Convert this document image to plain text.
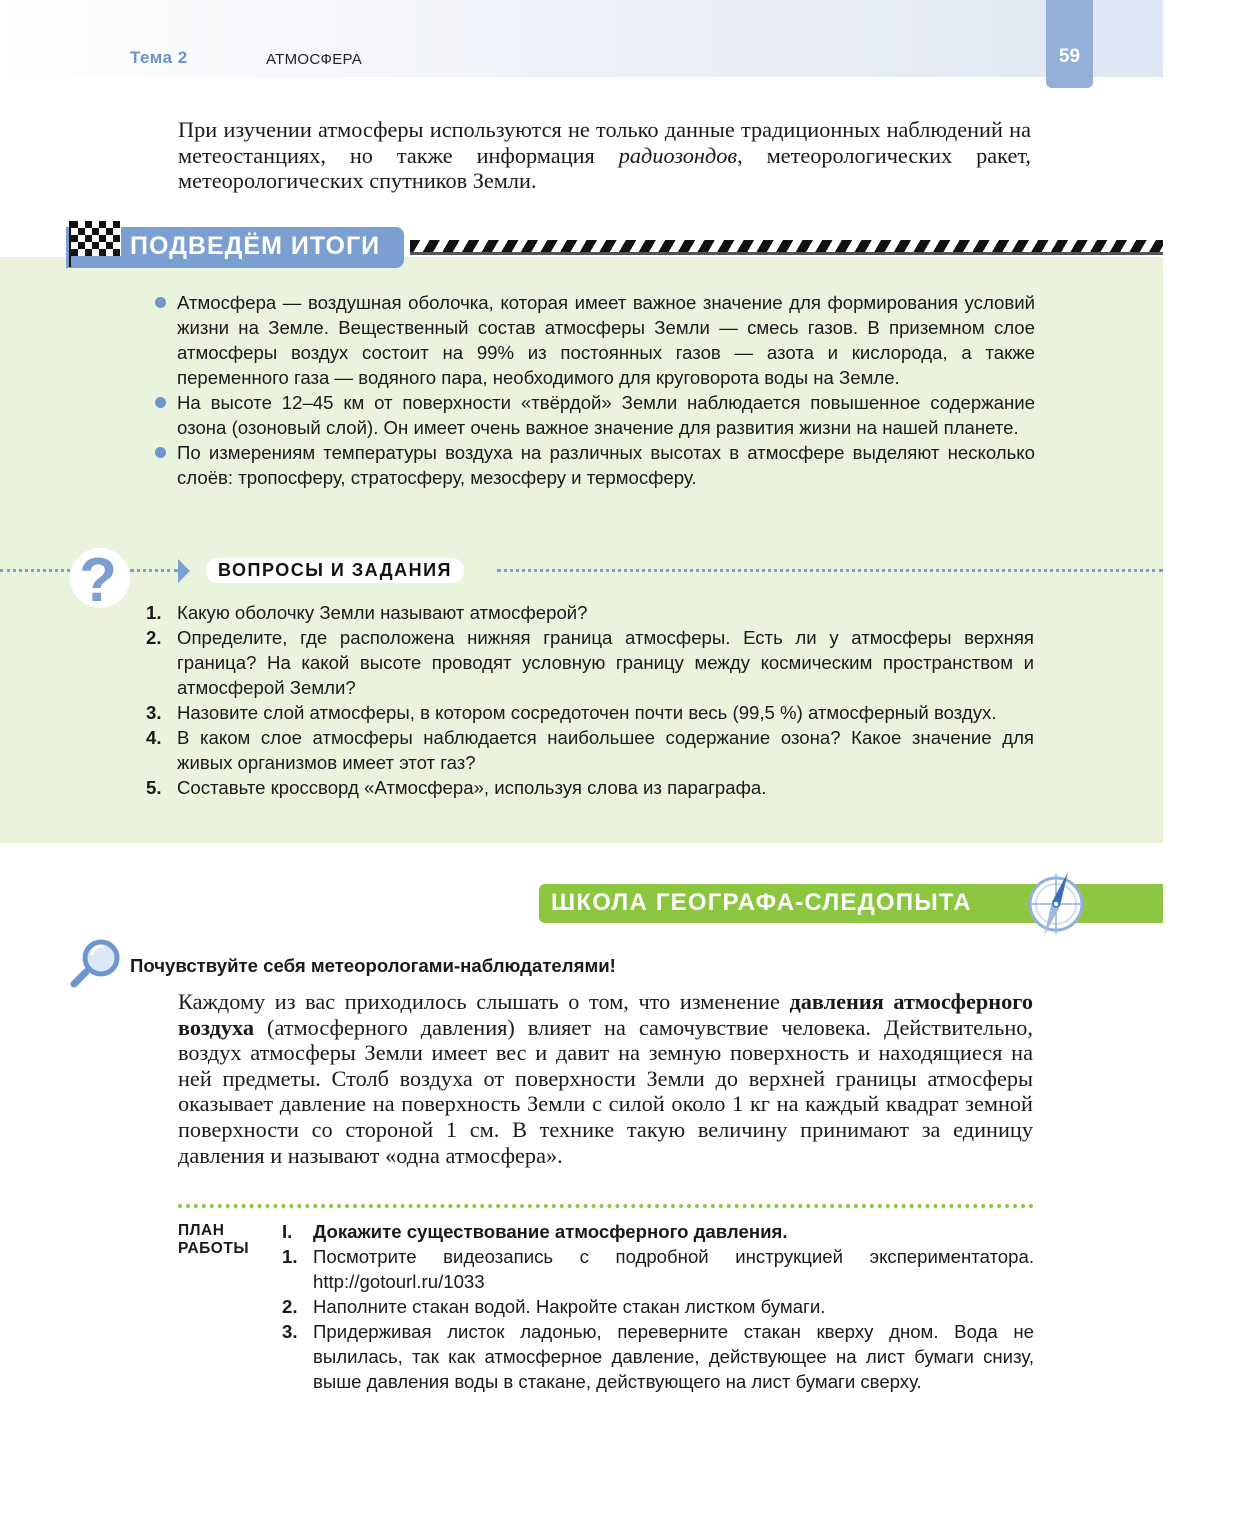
Тема 2	АТМОСФЕРА	59
При изучении атмосферы используются не только данные традиционных наблюдений на метеостанциях, но также информация радиозондов, метеорологических ракет, метеорологических спутников Земли.
ПОДВЕДЁМ ИТОГИ
Атмосфера — воздушная оболочка, которая имеет важное значение для формирования условий жизни на Земле. Вещественный состав атмосферы Земли — смесь газов. В приземном слое атмосферы воздух состоит на 99% из постоянных газов — азота и кислорода, а также переменного газа — водяного пара, необходимого для круговорота воды на Земле.
На высоте 12–45 км от поверхности «твёрдой» Земли наблюдается повышенное содержание озона (озоновый слой). Он имеет очень важное значение для развития жизни на нашей планете.
По измерениям температуры воздуха на различных высотах в атмосфере выделяют несколько слоёв: тропосферу, стратосферу, мезосферу и термосферу.
?	ВОПРОСЫ И ЗАДАНИЯ
1. Какую оболочку Земли называют атмосферой?
2. Определите, где расположена нижняя граница атмосферы. Есть ли у атмосферы верхняя граница? На какой высоте проводят условную границу между космическим пространством и атмосферой Земли?
3. Назовите слой атмосферы, в котором сосредоточен почти весь (99,5 %) атмосферный воздух.
4. В каком слое атмосферы наблюдается наибольшее содержание озона? Какое значение для живых организмов имеет этот газ?
5. Составьте кроссворд «Атмосфера», используя слова из параграфа.
ШКОЛА ГЕОГРАФА-СЛЕДОПЫТА
Почувствуйте себя метеорологами-наблюдателями!
Каждому из вас приходилось слышать о том, что изменение давления атмосферного воздуха (атмосферного давления) влияет на самочувствие человека. Действительно, воздух атмосферы Земли имеет вес и давит на земную поверхность и находящиеся на ней предметы. Столб воздуха от поверхности Земли до верхней границы атмосферы оказывает давление на поверхность Земли с силой около 1 кг на каждый квадрат земной поверхности со стороной 1 см. В технике такую величину принимают за единицу давления и называют «одна атмосфера».
ПЛАН
РАБОТЫ
I. Докажите существование атмосферного давления.
1. Посмотрите видеозапись с подробной инструкцией экспериментатора. http://gotourl.ru/1033
2. Наполните стакан водой. Накройте стакан листком бумаги.
3. Придерживая листок ладонью, переверните стакан кверху дном. Вода не вылилась, так как атмосферное давление, действующее на лист бумаги снизу, выше давления воды в стакане, действующего на лист бумаги сверху.
